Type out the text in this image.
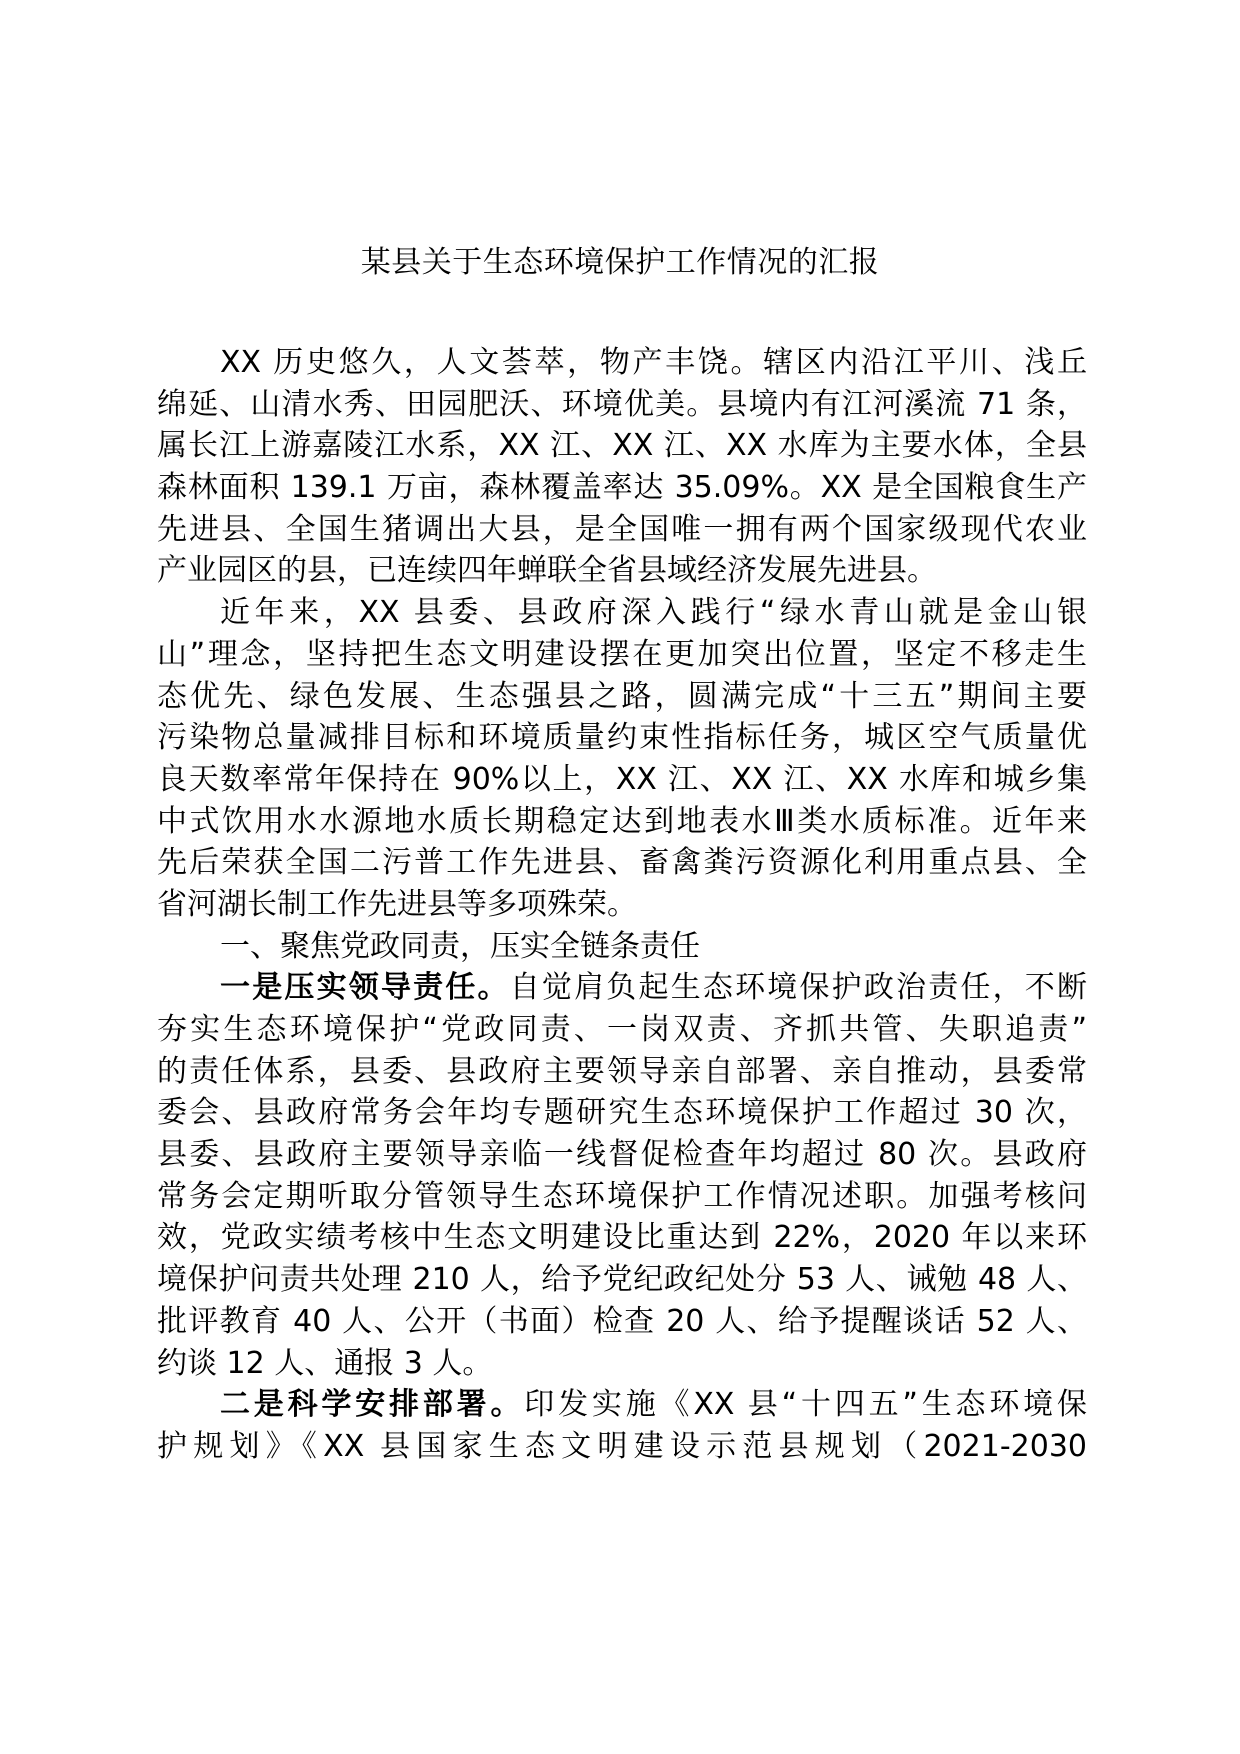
某县关于生态环境保护工作情况的汇报
XX 历史悠久，人文荟萃，物产丰饶。辖区内沿江平川、浅丘
绵延、山清水秀、田园肥沃、环境优美。县境内有江河溪流 71 条，
属长江上游嘉陵江水系，XX 江、XX 江、XX 水库为主要水体，全县
森林面积 139.1 万亩，森林覆盖率达 35.09%。XX 是全国粮食生产
先进县、全国生猪调出大县，是全国唯一拥有两个国家级现代农业
产业园区的县，已连续四年蝉联全省县域经济发展先进县。
近年来，XX 县委、县政府深入践行“绿水青山就是金山银
山”理念，坚持把生态文明建设摆在更加突出位置，坚定不移走生
态优先、绿色发展、生态强县之路，圆满完成“十三五”期间主要
污染物总量减排目标和环境质量约束性指标任务，城区空气质量优
良天数率常年保持在 90%以上，XX 江、XX 江、XX 水库和城乡集
中式饮用水水源地水质长期稳定达到地表水Ⅲ类水质标准。近年来
先后荣获全国二污普工作先进县、畜禽粪污资源化利用重点县、全
省河湖长制工作先进县等多项殊荣。
一、聚焦党政同责，压实全链条责任
一是压实领导责任。自觉肩负起生态环境保护政治责任，不断
夯实生态环境保护“党政同责、一岗双责、齐抓共管、失职追责”
的责任体系，县委、县政府主要领导亲自部署、亲自推动，县委常
委会、县政府常务会年均专题研究生态环境保护工作超过 30 次，
县委、县政府主要领导亲临一线督促检查年均超过 80 次。县政府
常务会定期听取分管领导生态环境保护工作情况述职。加强考核问
效，党政实绩考核中生态文明建设比重达到 22%，2020 年以来环
境保护问责共处理 210 人，给予党纪政纪处分 53 人、诫勉 48 人、
批评教育 40 人、公开（书面）检查 20 人、给予提醒谈话 52 人、
约谈 12 人、通报 3 人。
二是科学安排部署。印发实施《XX 县“十四五”生态环境保
护规划》《XX 县国家生态文明建设示范县规划（2021-2030
